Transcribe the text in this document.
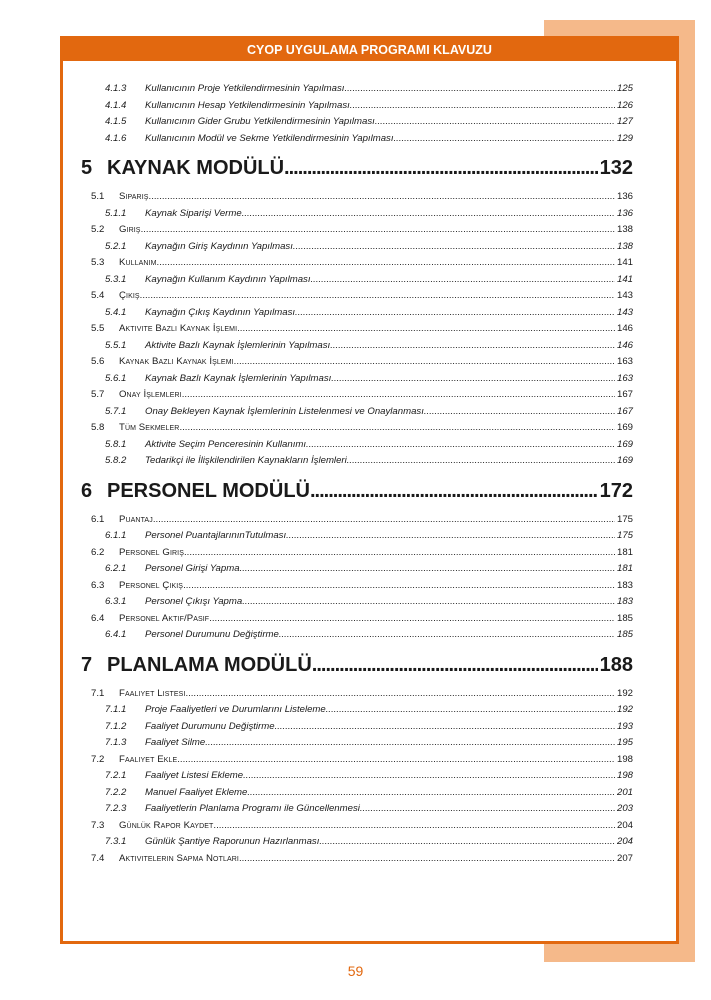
CYOP UYGULAMA PROGRAMI KLAVUZU
4.1.3	Kullanıcının Proje Yetkilendirmesinin Yapılması .....	125
4.1.4	Kullanıcının Hesap Yetkilendirmesinin Yapılması .....	126
4.1.5	Kullanıcının Gider Grubu Yetkilendirmesinin Yapılması .....	127
4.1.6	Kullanıcının Modül ve Sekme Yetkilendirmesinin Yapılması .....	129
5 KAYNAK MODÜLÜ .....	132
5.1	Sipariş .....	136
5.1.1	Kaynak Siparişi Verme .....	136
5.2	Giriş .....	138
5.2.1	Kaynağın Giriş Kaydının Yapılması .....	138
5.3	Kullanım .....	141
5.3.1	Kaynağın Kullanım Kaydının Yapılması .....	141
5.4	Çıkış .....	143
5.4.1	Kaynağın Çıkış Kaydının Yapılması .....	143
5.5	Aktivite Bazlı Kaynak İşlemi .....	146
5.5.1	Aktivite Bazlı Kaynak İşlemlerinin Yapılması .....	146
5.6	Kaynak Bazlı Kaynak İşlemi .....	163
5.6.1	Kaynak Bazlı Kaynak İşlemlerinin Yapılması .....	163
5.7	Onay İşlemleri .....	167
5.7.1	Onay Bekleyen Kaynak İşlemlerinin Listelenmesi ve Onaylanması .....	167
5.8	Tüm Sekmeler .....	169
5.8.1	Aktivite Seçim Penceresinin Kullanımı .....	169
5.8.2	Tedarikçi ile İlişkilendirilen Kaynakların İşlemleri .....	169
6 PERSONEL MODÜLÜ .....	172
6.1	Puantaj .....	175
6.1.1	Personel PuantajlarınınTutulması .....	175
6.2	Personel Giriş .....	181
6.2.1	Personel Girişi Yapma .....	181
6.3	Personel Çıkış .....	183
6.3.1	Personel Çıkışı Yapma .....	183
6.4	Personel Aktif/Pasif .....	185
6.4.1	Personel Durumunu Değiştirme .....	185
7 PLANLAMA MODÜLÜ .....	188
7.1	Faaliyet Listesi .....	192
7.1.1	Proje Faaliyetleri ve Durumlarını Listeleme .....	192
7.1.2	Faaliyet Durumunu Değiştirme .....	193
7.1.3	Faaliyet Silme .....	195
7.2	Faaliyet Ekle .....	198
7.2.1	Faaliyet Listesi Ekleme .....	198
7.2.2	Manuel Faaliyet Ekleme .....	201
7.2.3	Faaliyetlerin Planlama Programı ile Güncellenmesi .....	203
7.3	Günlük Rapor Kaydet .....	204
7.3.1	Günlük Şantiye Raporunun Hazırlanması .....	204
7.4	Aktivitelerin Sapma Notları .....	207
59
